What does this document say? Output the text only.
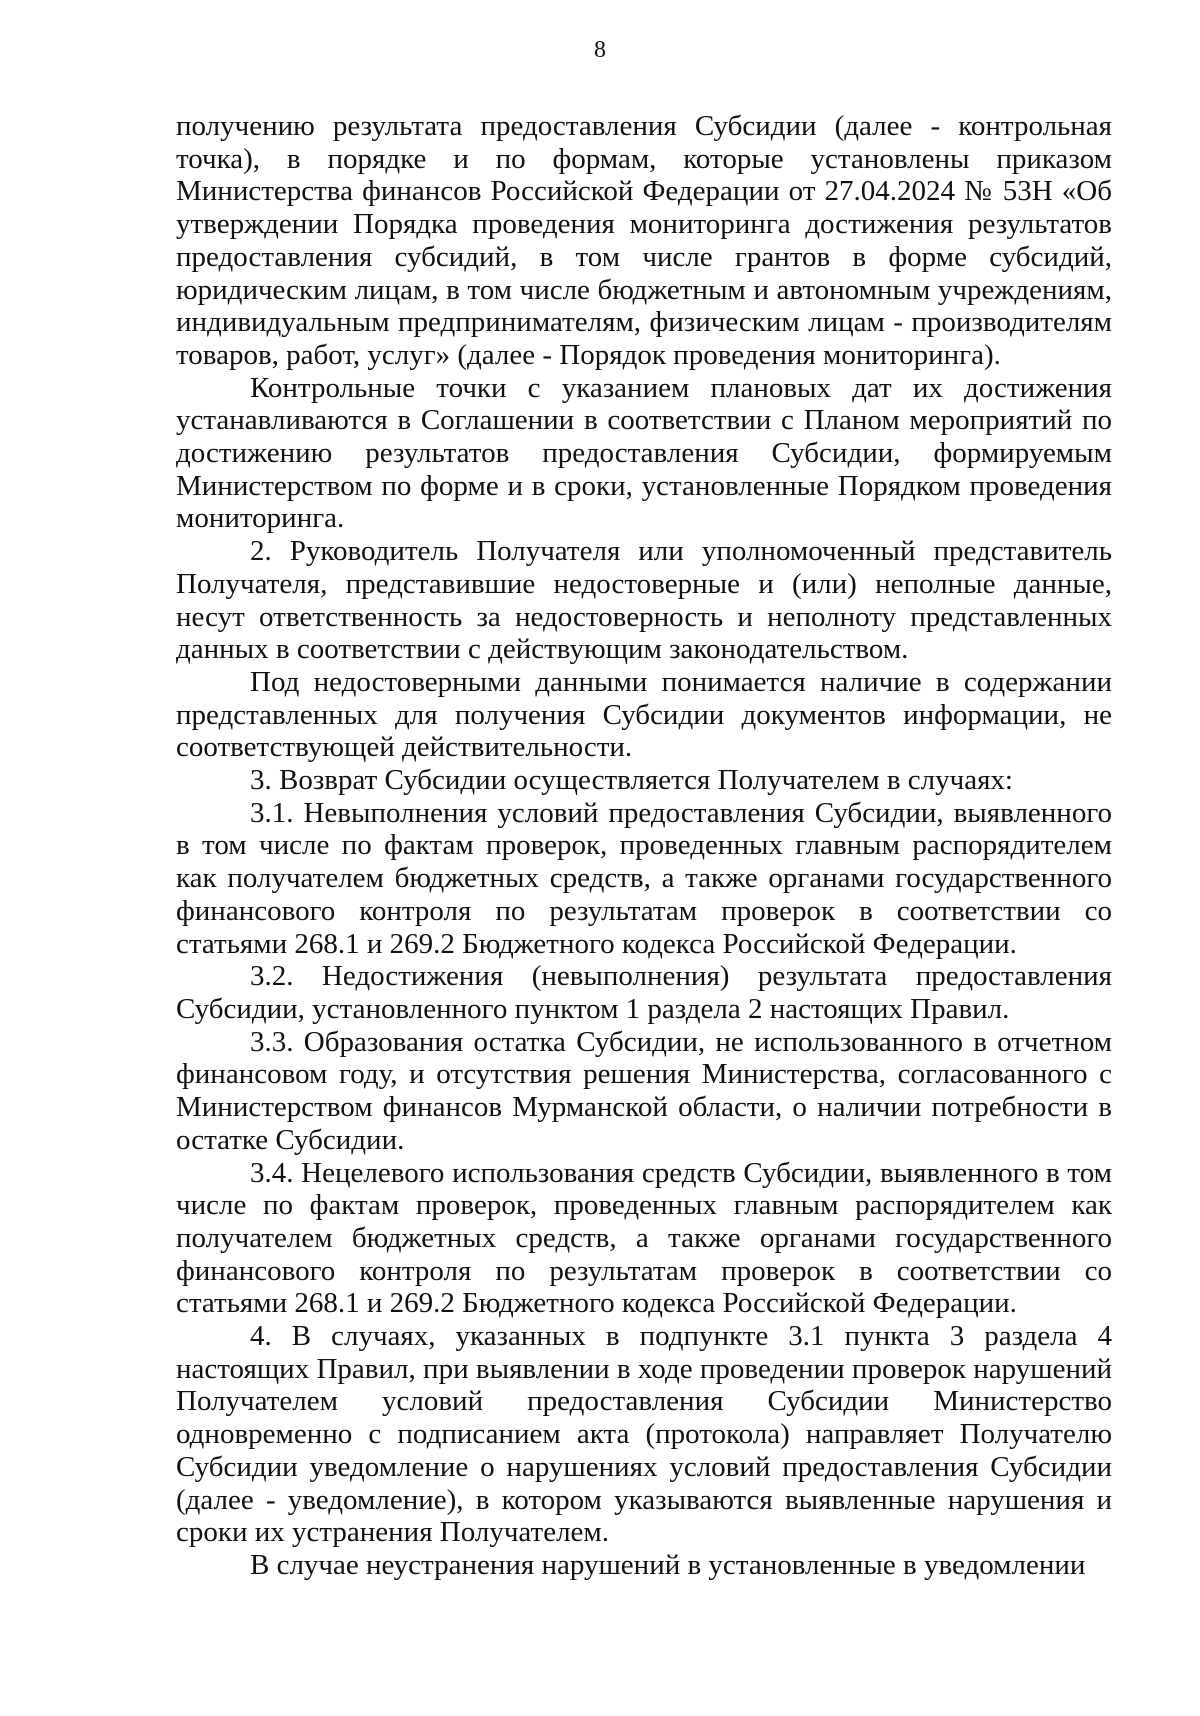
8

получению результата предоставления Субсидии (далее - контрольная точка), в порядке и по формам, которые установлены приказом Министерства финансов Российской Федерации от 27.04.2024 № 53Н «Об утверждении Порядка проведения мониторинга достижения результатов предоставления субсидий, в том числе грантов в форме субсидий, юридическим лицам, в том числе бюджетным и автономным учреждениям, индивидуальным предпринимателям, физическим лицам - производителям товаров, работ, услуг» (далее - Порядок проведения мониторинга).

Контрольные точки с указанием плановых дат их достижения устанавливаются в Соглашении в соответствии с Планом мероприятий по достижению результатов предоставления Субсидии, формируемым Министерством по форме и в сроки, установленные Порядком проведения мониторинга.

2. Руководитель Получателя или уполномоченный представитель Получателя, представившие недостоверные и (или) неполные данные, несут ответственность за недостоверность и неполноту представленных данных в соответствии с действующим законодательством.

Под недостоверными данными понимается наличие в содержании представленных для получения Субсидии документов информации, не соответствующей действительности.

3. Возврат Субсидии осуществляется Получателем в случаях:

3.1. Невыполнения условий предоставления Субсидии, выявленного в том числе по фактам проверок, проведенных главным распорядителем как получателем бюджетных средств, а также органами государственного финансового контроля по результатам проверок в соответствии со статьями 268.1 и 269.2 Бюджетного кодекса Российской Федерации.

3.2. Недостижения (невыполнения) результата предоставления Субсидии, установленного пунктом 1 раздела 2 настоящих Правил.

3.3. Образования остатка Субсидии, не использованного в отчетном финансовом году, и отсутствия решения Министерства, согласованного с Министерством финансов Мурманской области, о наличии потребности в остатке Субсидии.

3.4. Нецелевого использования средств Субсидии, выявленного в том числе по фактам проверок, проведенных главным распорядителем как получателем бюджетных средств, а также органами государственного финансового контроля по результатам проверок в соответствии со статьями 268.1 и 269.2 Бюджетного кодекса Российской Федерации.

4. В случаях, указанных в подпункте 3.1 пункта 3 раздела 4 настоящих Правил, при выявлении в ходе проведении проверок нарушений Получателем условий предоставления Субсидии Министерство одновременно с подписанием акта (протокола) направляет Получателю Субсидии уведомление о нарушениях условий предоставления Субсидии (далее - уведомление), в котором указываются выявленные нарушения и сроки их устранения Получателем.

В случае неустранения нарушений в установленные в уведомлении
